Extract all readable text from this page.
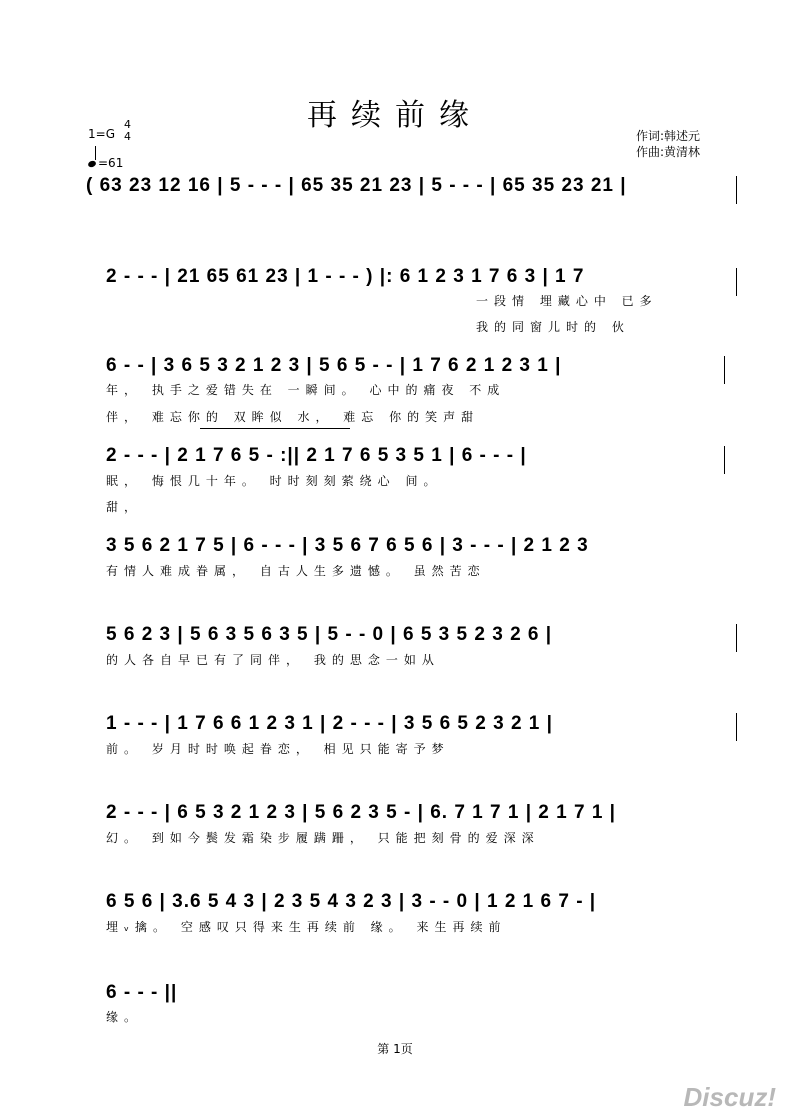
再续前缘
1=G
4
4
=61
作词:韩述元
作曲:黄清林
( 63 23 12 16 | 5 - - - | 65 35 21 23 | 5 - - - | 65 35 23 21 |
2 - - - | 21 65 61 23 | 1 - - - ) |: 6 1 2 3 1 7 6 3 | 1 7
一段情 埋藏心中 已多
我的同窗儿时的 伙
6 - - | 3 6 5 3 2 1 2 3 | 5 6 5 - - | 1 7 6 2 1 2 3 1 |
年， 执手之爱错失在 一瞬间。 心中的痛夜 不成
伴， 难忘你的 双眸似 水， 难忘 你的笑声甜
2 - - - | 2 1 7 6 5 - :|| 2 1 7 6 5 3 5 1 | 6 - - - |
眠， 悔恨几十年。 时时刻刻萦绕心 间。
甜，
3 5 6 2 1 7 5 | 6 - - - | 3 5 6 7 6 5 6 | 3 - - - | 2 1 2 3
有情人难成眷属， 自古人生多遗憾。 虽然苦恋
5 6 2 3 | 5 6 3 5 6 3 5 | 5 - - 0 | 6 5 3 5 2 3 2 6 |
的人各自早已有了同伴， 我的思念一如从
1 - - - | 1 7 6 6 1 2 3 1 | 2 - - - | 3 5 6 5 2 3 2 1 |
前。 岁月时时唤起眷恋， 相见只能寄予梦
2 - - - | 6 5 3 2 1 2 3 | 5 6 2 3 5 - | 6. 7 1 7 1 | 2 1 7 1 |
幻。 到如今鬓发霜染步履蹒跚， 只能把刻骨的爱深深
6 5 6 | 3.6 5 4 3 | 2 3 5 4 3 2 3 | 3 - - 0 | 1 2 1 6 7 - |
埋ᵥ擒。 空感叹只得来生再续前 缘。 来生再续前
6 - - - ||
缘。
第 1页
Discuz!
